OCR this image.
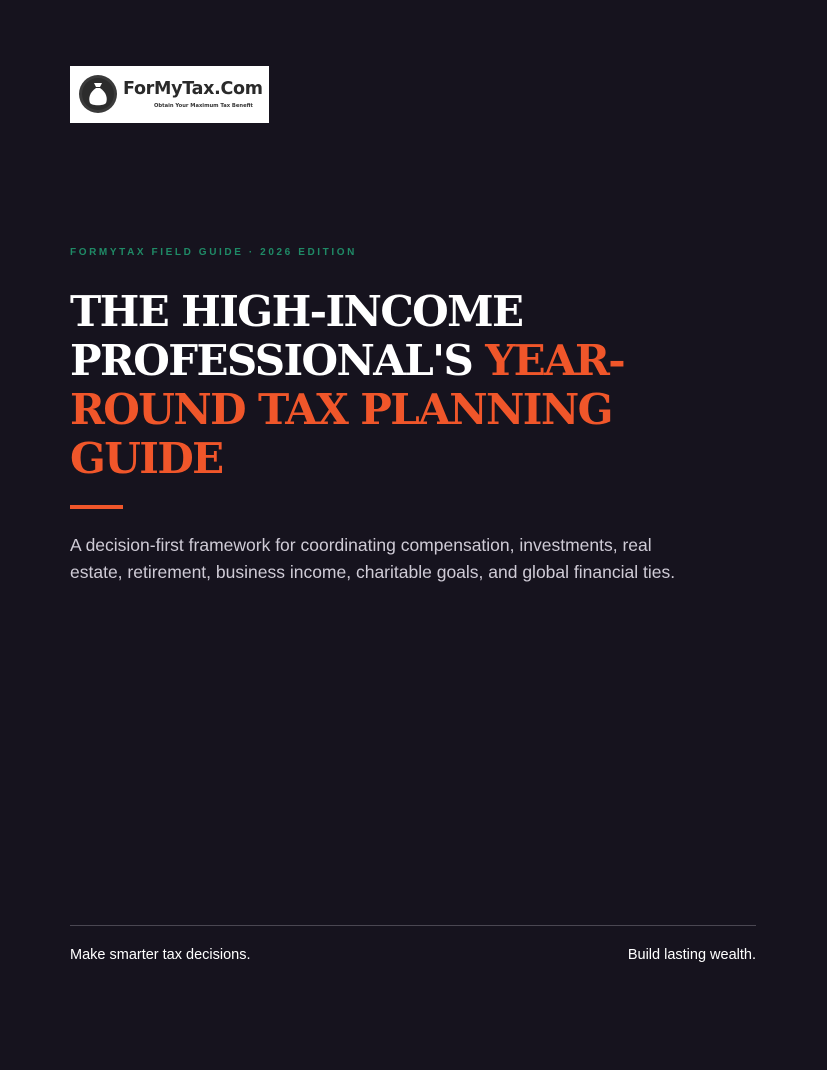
ForMyTax.Com
Obtain Your Maximum Tax Benefit
FORMYTAX FIELD GUIDE · 2026 EDITION
THE HIGH-INCOME PROFESSIONAL'S YEAR-ROUND TAX PLANNING GUIDE

A decision-first framework for coordinating compensation, investments, real estate, retirement, business income, charitable goals, and global financial ties.

Make smarter tax decisions.	Build lasting wealth.
